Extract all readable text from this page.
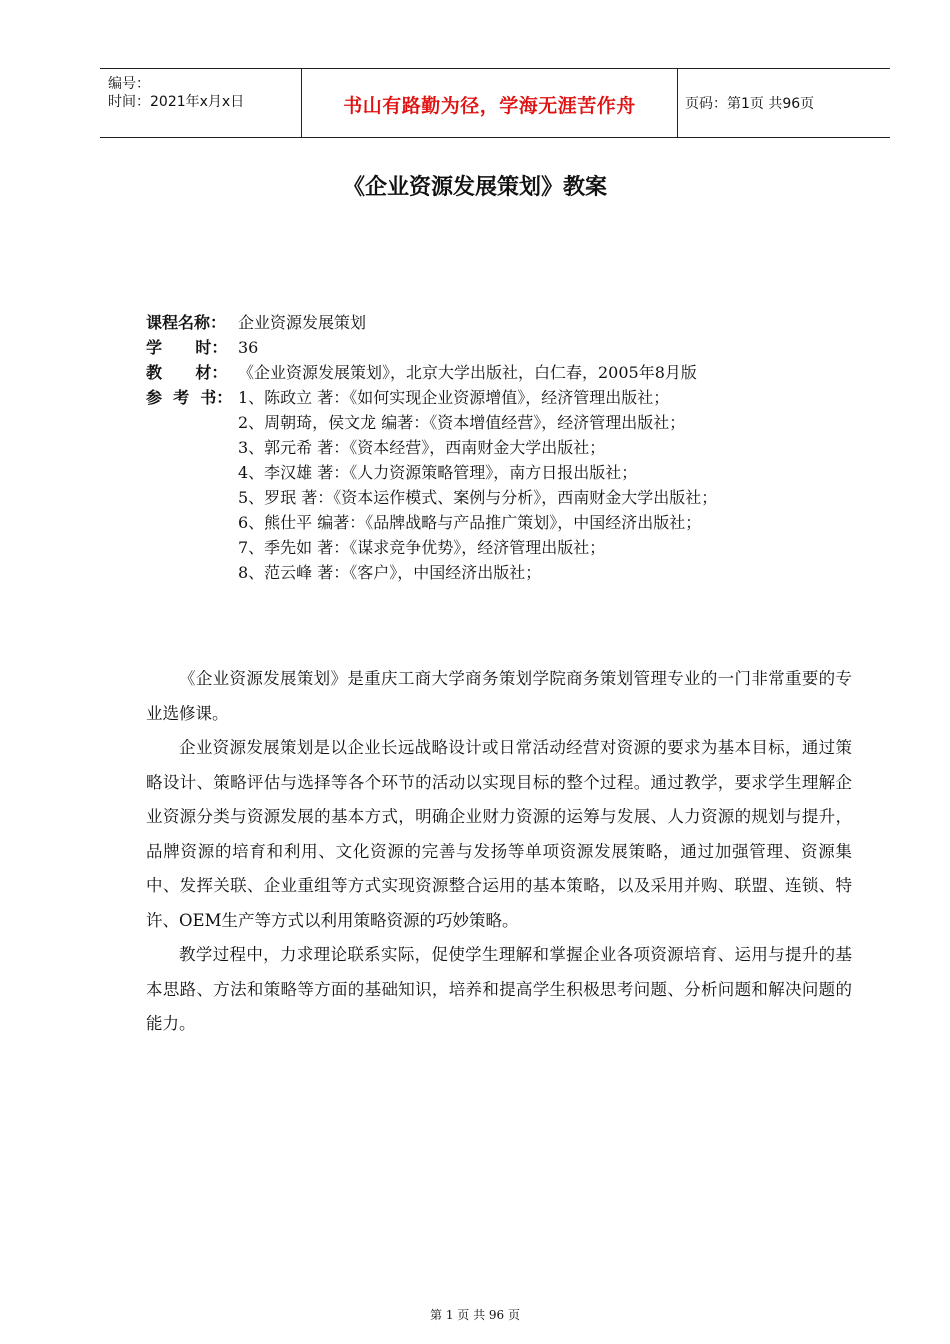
编号：
时间：2021年x月x日	书山有路勤为径，学海无涯苦作舟	页码：第1页 共96页
《企业资源发展策划》教案
课程名称： 企业资源发展策划
学      时： 36
教      材： 《企业资源发展策划》，北京大学出版社，白仁春，2005年8月版
参  考  书： 1、陈政立 著：《如何实现企业资源增值》，经济管理出版社；
2、周朝琦，侯文龙 编著：《资本增值经营》，经济管理出版社；
3、郭元希 著：《资本经营》，西南财金大学出版社；
4、李汉雄 著：《人力资源策略管理》，南方日报出版社；
5、罗珉 著：《资本运作模式、案例与分析》，西南财金大学出版社；
6、熊仕平 编著：《品牌战略与产品推广策划》，中国经济出版社；
7、季先如 著：《谋求竞争优势》，经济管理出版社；
8、范云峰 著：《客户》，中国经济出版社；

《企业资源发展策划》是重庆工商大学商务策划学院商务策划管理专业的一门非常重要的专业选修课。

企业资源发展策划是以企业长远战略设计或日常活动经营对资源的要求为基本目标，通过策略设计、策略评估与选择等各个环节的活动以实现目标的整个过程。通过教学，要求学生理解企业资源分类与资源发展的基本方式，明确企业财力资源的运筹与发展、人力资源的规划与提升，品牌资源的培育和利用、文化资源的完善与发扬等单项资源发展策略，通过加强管理、资源集中、发挥关联、企业重组等方式实现资源整合运用的基本策略，以及采用并购、联盟、连锁、特许、OEM生产等方式以利用策略资源的巧妙策略。

教学过程中，力求理论联系实际，促使学生理解和掌握企业各项资源培育、运用与提升的基本思路、方法和策略等方面的基础知识，培养和提高学生积极思考问题、分析问题和解决问题的能力。

第 1 页 共 96 页
